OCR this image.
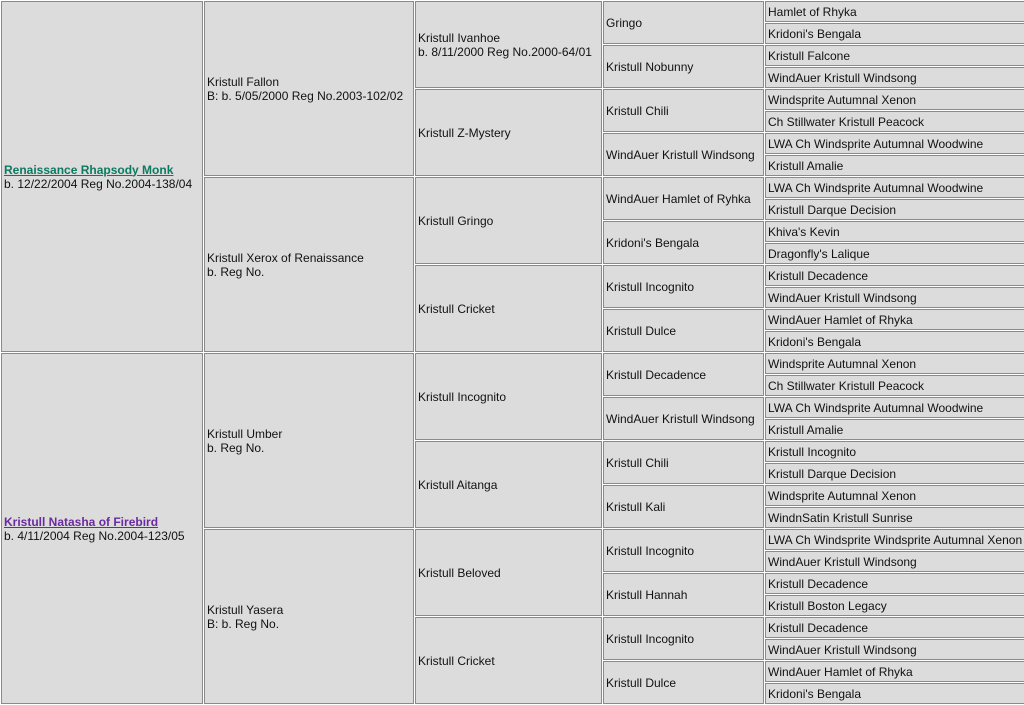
Renaissance Rhapsody Monk
b. 12/22/2004 Reg No.2004-138/04	Kristull Fallon
B: b. 5/05/2000 Reg No.2003-102/02	Kristull Ivanhoe
b. 8/11/2000 Reg No.2000-64/01	Gringo	Hamlet of Rhyka
				Kridoni's Bengala
			Kristull Nobunny	Kristull Falcone
				WindAuer Kristull Windsong

		Kristull Z-Mystery	Kristull Chili	Windsprite Autumnal Xenon
				Ch Stillwater Kristull Peacock
			WindAuer Kristull Windsong	LWA Ch Windsprite Autumnal Woodwine
				Kristull Amalie

	Kristull Xerox of Renaissance
b. Reg No.	Kristull Gringo	WindAuer Hamlet of Ryhka	LWA Ch Windsprite Autumnal Woodwine
				Kristull Darque Decision
			Kridoni's Bengala	Khiva's Kevin
				Dragonfly's Lalique

		Kristull Cricket	Kristull Incognito	Kristull Decadence
				WindAuer Kristull Windsong
			Kristull Dulce	WindAuer Hamlet of Rhyka
				Kridoni's Bengala

Kristull Natasha of Firebird
b. 4/11/2004 Reg No.2004-123/05	Kristull Umber
b. Reg No.	Kristull Incognito	Kristull Decadence	Windsprite Autumnal Xenon
				Ch Stillwater Kristull Peacock
			WindAuer Kristull Windsong	LWA Ch Windsprite Autumnal Woodwine
				Kristull Amalie

		Kristull Aitanga	Kristull Chili	Kristull Incognito
				Kristull Darque Decision
			Kristull Kali	Windsprite Autumnal Xenon
				WindnSatin Kristull Sunrise

	Kristull Yasera
B: b. Reg No.	Kristull Beloved	Kristull Incognito	LWA Ch Windsprite Windsprite Autumnal Xenon
				WindAuer Kristull Windsong
			Kristull Hannah	Kristull Decadence
				Kristull Boston Legacy

		Kristull Cricket	Kristull Incognito	Kristull Decadence
				WindAuer Kristull Windsong
			Kristull Dulce	WindAuer Hamlet of Rhyka
				Kridoni's Bengala
